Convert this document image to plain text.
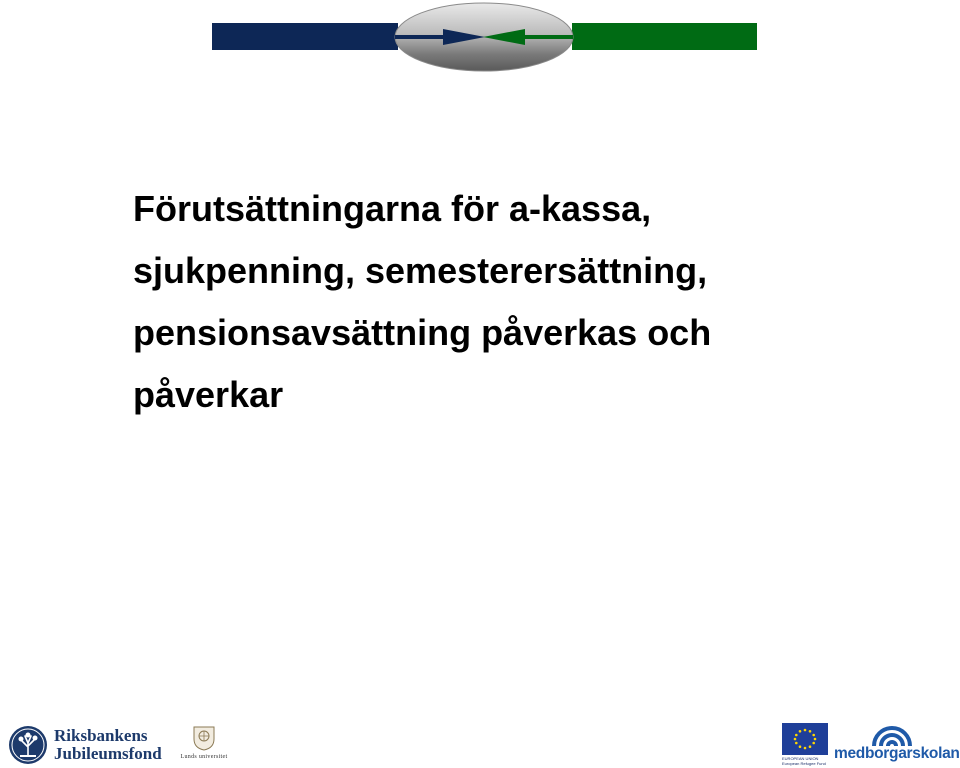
Förutsättningarna för a-kassa,
sjukpenning, semesterersättning,
pensionsavsättning påverkas och
påverkar
Riksbankens
Jubileumsfond	Lunds universitet	EUROPEAN UNION
European Refugee Fund
medborgarskolan
